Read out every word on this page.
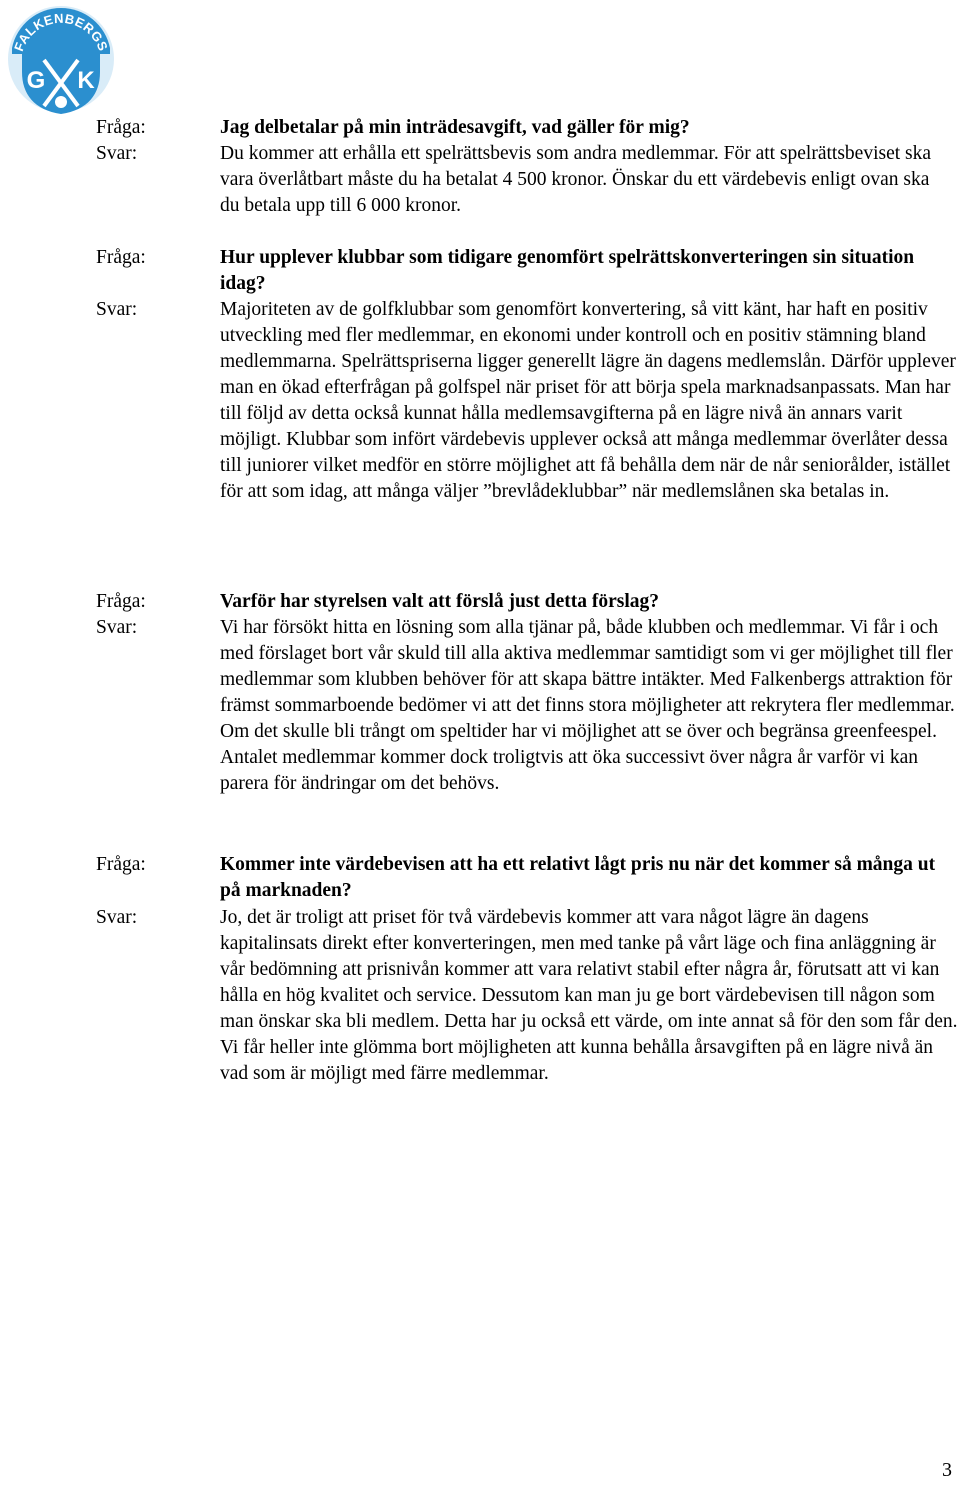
FALKENBERGS
G K
Fråga:	Jag delbetalar på min inträdesavgift, vad gäller för mig?
Svar:	Du kommer att erhålla ett spelrättsbevis som andra medlemmar. För att spelrättsbeviset ska vara överlåtbart måste du ha betalat 4 500 kronor. Önskar du ett värdebevis enligt ovan ska du betala upp till 6 000 kronor.
Fråga:	Hur upplever klubbar som tidigare genomfört spelrättskonverteringen sin situation idag?
Svar:	Majoriteten av de golfklubbar som genomfört konvertering, så vitt känt, har haft en positiv utveckling med fler medlemmar, en ekonomi under kontroll och en positiv stämning bland medlemmarna. Spelrättspriserna ligger generellt lägre än dagens medlemslån. Därför upplever man en ökad efterfrågan på golfspel när priset för att börja spela marknadsanpassats. Man har till följd av detta också kunnat hålla medlemsavgifterna på en lägre nivå än annars varit möjligt. Klubbar som infört värdebevis upplever också att många medlemmar överlåter dessa till juniorer vilket medför en större möjlighet att få behålla dem när de når seniorålder, istället för att som idag, att många väljer ”brevlådeklubbar” när medlemslånen ska betalas in.
Fråga:	Varför har styrelsen valt att förslå just detta förslag?
Svar:	Vi har försökt hitta en lösning som alla tjänar på, både klubben och medlemmar. Vi får i och med förslaget bort vår skuld till alla aktiva medlemmar samtidigt som vi ger möjlighet till fler medlemmar som klubben behöver för att skapa bättre intäkter. Med Falkenbergs attraktion för främst sommarboende bedömer vi att det finns stora möjligheter att rekrytera fler medlemmar. Om det skulle bli trångt om speltider har vi möjlighet att se över och begränsa greenfeespel. Antalet medlemmar kommer dock troligtvis att öka successivt över några år varför vi kan parera för ändringar om det behövs.
Fråga:	Kommer inte värdebevisen att ha ett relativt lågt pris nu när det kommer så många ut på marknaden?
Svar:	Jo, det är troligt att priset för två värdebevis kommer att vara något lägre än dagens kapitalinsats direkt efter konverteringen, men med tanke på vårt läge och fina anläggning är vår bedömning att prisnivån kommer att vara relativt stabil efter några år, förutsatt att vi kan hålla en hög kvalitet och service. Dessutom kan man ju ge bort värdebevisen till någon som man önskar ska bli medlem. Detta har ju också ett värde, om inte annat så för den som får den. Vi får heller inte glömma bort möjligheten att kunna behålla årsavgiften på en lägre nivå än vad som är möjligt med färre medlemmar.
3
